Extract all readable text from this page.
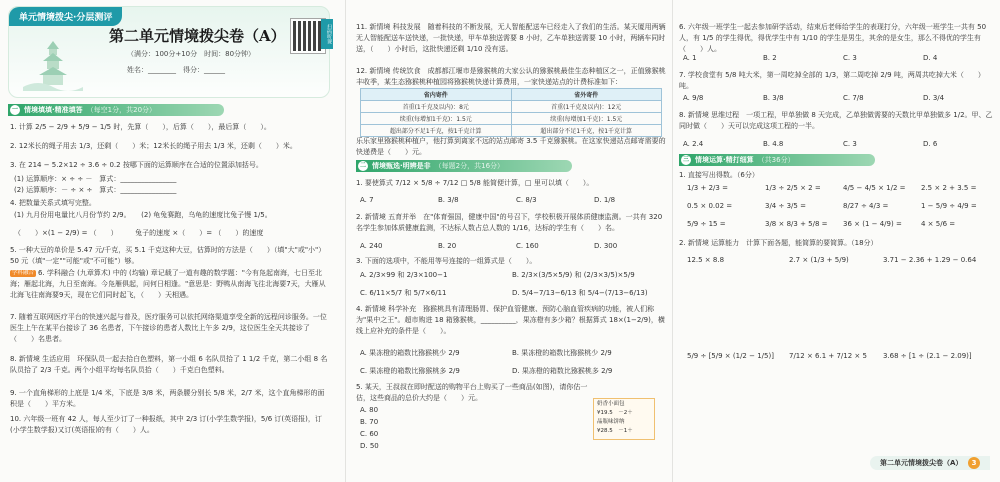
单元情境拨尖·分层测评
第二单元情境拨尖卷（A）
（满分：100分+10分　时间：80分钟）
姓名：________　得分：______
扫码听课
一 情境填填·精准填答 （每空1分，共20分）
1. 计算 2/5 − 2/9 + 5/9 − 1/5 时，先算（　　），后算（　　），最后算（　　）。
2. 12米长的绳子用去 1/3，还剩（　　）米；12米长的绳子用去 1/3 米，还剩（　　）米。
3. 在 214 − 5.2×12 ÷ 3.6 ÷ 0.2 按哪下面的运算顺序在合适的位置添加括号。
(1) 运算顺序：× ÷ ÷ －　算式：________________
(2) 运算顺序：－ ÷ × ÷　算式：________________
4. 把数量关系式填写完整。
(1) 九月份用电量比八月份节约 2/9。　　(2) 龟兔赛跑，乌龟的速度比兔子慢 1/5。
（　　）×(1 − 2/9) = （　　）　　　兔子的速度 ×（　　）= （　　）的速度
5. 一种大豆的单价是 5.47 元/千克，买 5.1 千克这种大豆，估算时的方法是（　　）（填"大"或"小"）50 元（填"一定""可能"或"不可能"）够。
学科融合 6. 学科融合 (九章算术) 中的 (均输) 章记载了一道有趣的数学题："今有凫起南海，七日至北海；雁起北海，九日至南海。今凫雁俱起，问何日相逢。"意思是：野鸭从南海飞往北海要7天，大雁从北海飞往南海要9天，现在它们同时起飞，（　　）天相遇。
7. 随着互联网医疗平台的快速兴起与普及，医疗服务可以依托网络渠道享受全新的远程问诊服务。一位医生上午在某平台接诊了 36 名患者，下午接诊的患者人数比上午多 2/9，这位医生全天共接诊了（　　）名患者。
8. 新情境 生活应用　环保队员一起去拾白色塑料，第一小组 6 名队员拾了 1 1/2 千克，第二小组 8 名队员拾了 2/3 千克。两个小组平均每名队员拾（　　）千克白色塑料。
9. 一个直角梯形的上底是 1/4 米，下底是 3/8 米，两条腰分别长 5/8 米，2/7 米，这个直角梯形的面积是（　　）平方米。
10. 六年级一班有 42 人，每人至少订了一种报纸，其中 2/3 订(小学生数学报)，5/6 订(英语报)，订(小学生数学报)又订(英语报)的有（　　）人。
11. 新情境 科技发展　随着科技的不断发展，无人智能配送车已经走入了我们的生活。某天厦用两辆无人智能配送车送快递，一批快递，甲车单独送需要 8 小时，乙车单独送需要 10 小时，两辆车同时送，（　　）小时后，这批快递还剩 1/10 没有送。
12. 新情境 传统饮食　成都都江堰市是猕猴桃的大家公认的猕猴桃最佳生态种植区之一，正值猕猴桃丰收季，某生态猕猴桃种植园将猕猴桃快递计算费用，一家快递站点的计费标准如下：
省内寄件	省外寄件
首重(1千克及以内)：8元	首重(1千克及以内)：12元
续重(每增加1千克)：1.5元	续重(每增加1千克)：1.5元
超出部分不足1千克，按1千克计算	超出部分不足1千克，按1千克计算
乐乐家里猕猴桃种植户，他打算到离家不远的站点邮寄 3.5 千克猕猴桃。在这家快递站点邮寄需要的快递费是（　　）元。
二 情境甄选·明辨是非 （每题2分，共16分）
1. 要使算式 7/12 × 5/8 ÷ 7/12 □ 5/8 能简便计算，□ 里可以填（　　）。
A. 7	B. 3/8	C. 8/3	D. 1/8
2. 新情境 五育并举　在"体育强国，健康中国"的号召下，学校积极开展体质健康监测。一共有 320 名学生参加体质健康监测，不达标人数占总人数的 1/16，达标的学生有（　　）名。
A. 240	B. 20	C. 160	D. 300
3. 下面的选项中，不能用等号连接的一组算式是（　　）。
A. 2/3×99 和 2/3×100−1	B. 2/3×(3/5×5/9) 和 (2/3×3/5)×5/9
C. 6/11×5/7 和 5/7×6/11	D. 5/4−7/13−6/13 和 5/4−(7/13−6/13)
4. 新情境 科学补充　猕猴桃具有清理肠胃、保护血管健康、预防心脑血管疾病的功能，被人们称为"果中之王"。超市购进 18 箱猕猴桃，__________，果冻橙有多少箱？根据算式 18×(1−2/9)，横线上应补充的条件是（　　）。
A. 果冻橙的箱数比猕猴桃少 2/9	B. 果冻橙的箱数比猕猴桃少 2/9
C. 果冻橙的箱数比猕猴桃多 2/9	D. 果冻橙的箱数比猕猴桃多 2/9
5. 某天，王叔叔在即时配送的购物平台上购买了一些商品(如图)，请你估一估，这些商品的总价大约是（　　）元。
A. 80
B. 70
C. 60
D. 50
奶香小面包
¥19.5　－2＋
晶瓶味饼纳
¥28.5　－1＋
6. 六年级一班学生一起去参加研学活动，结束后老师给学生的表现打分，六年级一班学生一共有 50 人，有 1/5 的学生得优，得优学生中有 1/10 的学生是男生，其余的是女生，那么不得优的学生有（　　）人。
A. 1	B. 2	C. 3	D. 4
7. 学校食堂有 5/8 吨大米，第一周吃掉全部的 1/3，第二周吃掉 2/9 吨，两周共吃掉大米（　　）吨。
A. 9/8	B. 3/8	C. 7/8	D. 3/4
8. 新情境 思维过程　一项工程，甲单独做 8 天完成，乙单独做需要的天数比甲单独做多 1/2。甲、乙同时做（　　）天可以完成这项工程的一半。
A. 2.4	B. 4.8	C. 3	D. 6
三 情境运算·精打细算 （共36分）
1. 直接写出得数。（6分）
1/3 + 2/3 =	1/3 ÷ 2/5 × 2 =	4/5 − 4/5 × 1/2 = 2.5 × 2 + 3.5 =
0.5 × 0.02 =	3/4 ÷ 3/5 =	8/27 ÷ 4/3 =	1 − 5/9 ÷ 4/9 =
5/9 ÷ 15 =	3/8 × 8/3 + 5/8 = 36 × (1 − 4/9) =	4 × 5/6 =
2. 新情境 运算能力　计算下面各题，能简算的要简算。（18分）
12.5 × 8.8	2.7 × (1/3 + 5/9)	3.71 − 2.36 + 1.29 − 0.64
5/9 ÷ [5/9 × (1/2 − 1/5)] 7/12 × 6.1 + 7/12 × 5 3.68 ÷ [1 ÷ (2.1 − 2.09)]
第二单元情境拨尖卷（A）	3
